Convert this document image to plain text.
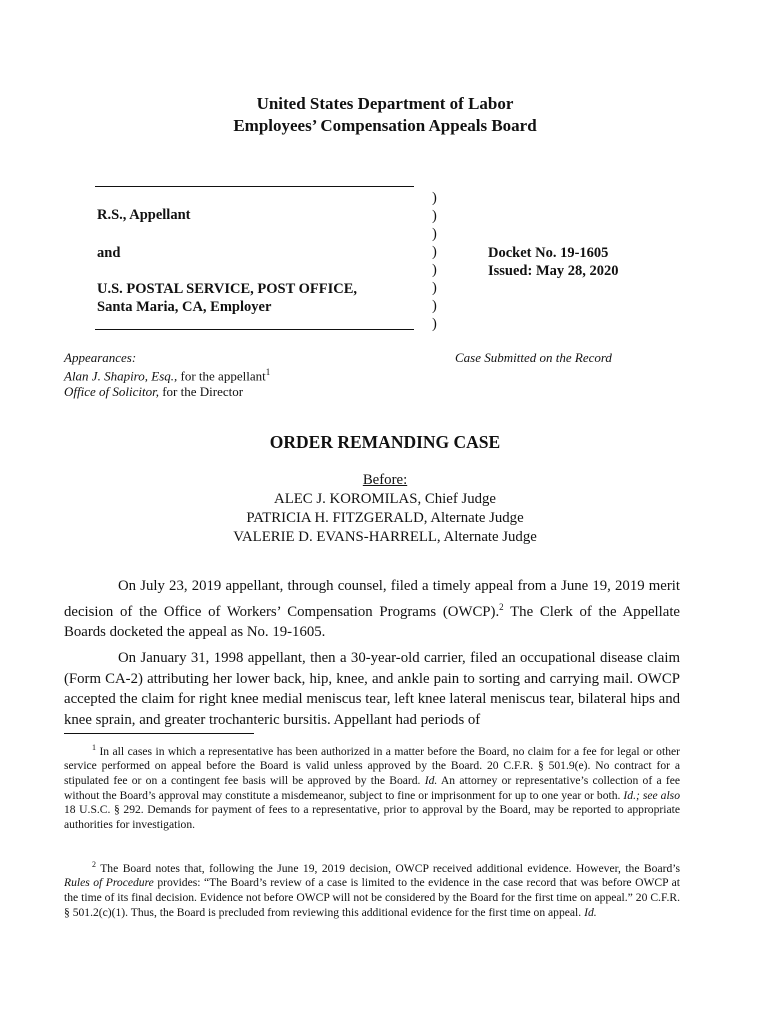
United States Department of Labor
Employees’ Compensation Appeals Board
R.S., Appellant
and
U.S. POSTAL SERVICE, POST OFFICE,
Santa Maria, CA, Employer
)
)
)
)
)
)
)
)
Docket No. 19-1605
Issued: May 28, 2020
Appearances:
Alan J. Shapiro, Esq., for the appellant$^1$
Office of Solicitor, for the Director
Case Submitted on the Record
ORDER REMANDING CASE
Before:
ALEC J. KOROMILAS, Chief Judge
PATRICIA H. FITZGERALD, Alternate Judge
VALERIE D. EVANS-HARRELL, Alternate Judge
On July 23, 2019 appellant, through counsel, filed a timely appeal from a June 19, 2019 merit decision of the Office of Workers’ Compensation Programs (OWCP).$^2$ The Clerk of the Appellate Boards docketed the appeal as No. 19-1605.
On January 31, 1998 appellant, then a 30-year-old carrier, filed an occupational disease claim (Form CA-2) attributing her lower back, hip, knee, and ankle pain to sorting and carrying mail. OWCP accepted the claim for right knee medial meniscus tear, left knee lateral meniscus tear, bilateral hips and knee sprain, and greater trochanteric bursitis. Appellant had periods of
$^1$ In all cases in which a representative has been authorized in a matter before the Board, no claim for a fee for legal or other service performed on appeal before the Board is valid unless approved by the Board. 20 C.F.R. § 501.9(e). No contract for a stipulated fee or on a contingent fee basis will be approved by the Board. Id. An attorney or representative’s collection of a fee without the Board’s approval may constitute a misdemeanor, subject to fine or imprisonment for up to one year or both. Id.; see also 18 U.S.C. § 292. Demands for payment of fees to a representative, prior to approval by the Board, may be reported to appropriate authorities for investigation.
$^2$ The Board notes that, following the June 19, 2019 decision, OWCP received additional evidence. However, the Board’s Rules of Procedure provides: “The Board’s review of a case is limited to the evidence in the case record that was before OWCP at the time of its final decision. Evidence not before OWCP will not be considered by the Board for the first time on appeal.” 20 C.F.R. § 501.2(c)(1). Thus, the Board is precluded from reviewing this additional evidence for the first time on appeal. Id.
